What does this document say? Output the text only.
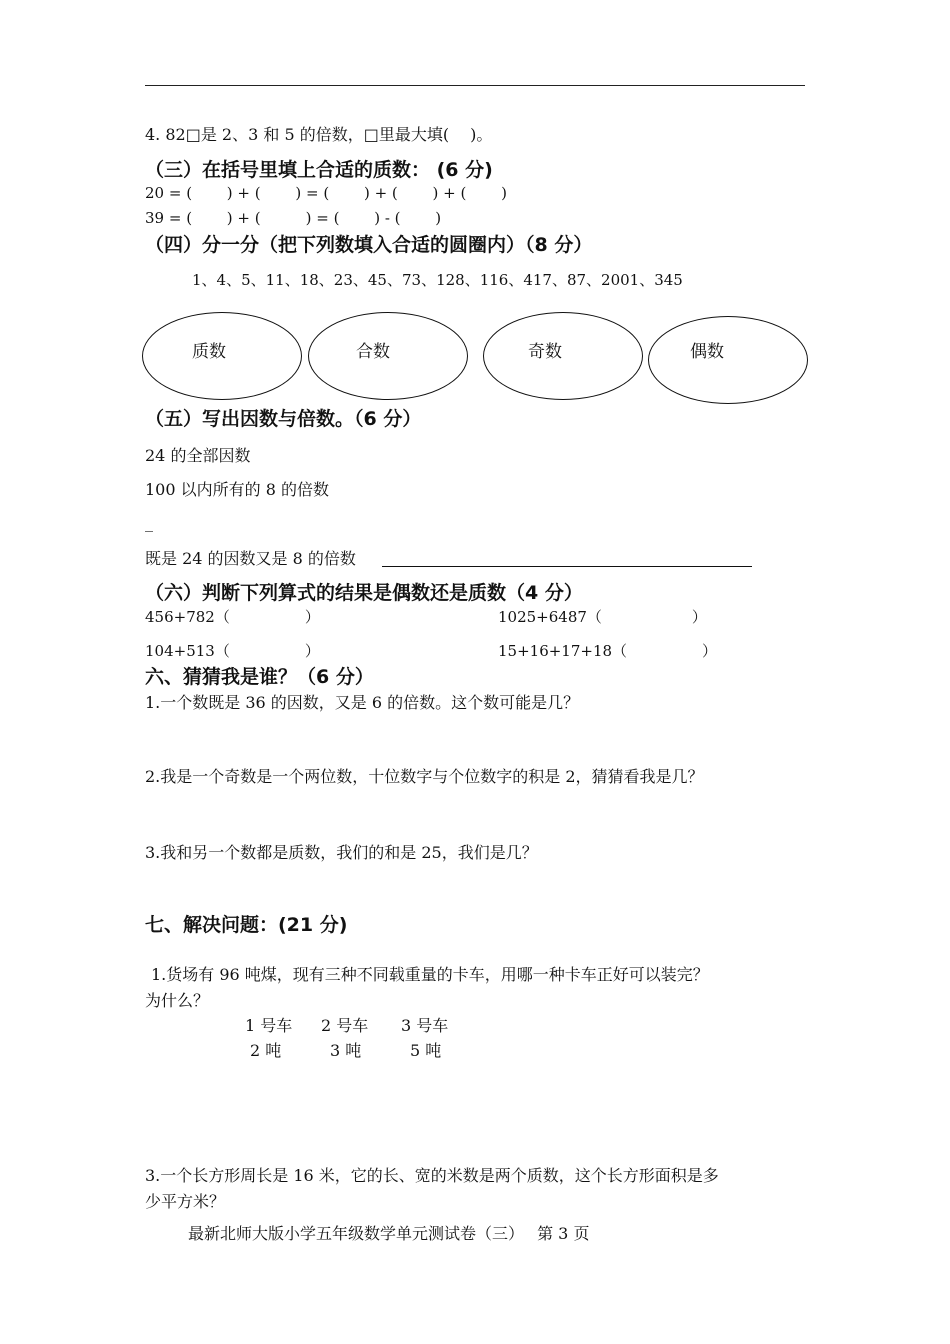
4. 82□是 2、3 和 5 的倍数，□里最大填(　 )。
（三）在括号里填上合适的质数： (6 分)
20 = (　　 ) + (　　 ) = (　　 ) + (　　 ) + (　　 )
39 = (　　 ) + (　　　) = (　　 ) - (　　 )
（四）分一分（把下列数填入合适的圆圈内）（8 分）
1、4、5、11、18、23、45、73、128、116、417、87、2001、345
质数	合数	奇数	偶数
（五）写出因数与倍数。（6 分）
24 的全部因数
100 以内所有的 8 的倍数
_
既是 24 的因数又是 8 的倍数
（六）判断下列算式的结果是偶数还是质数（4 分）
456+782（　　　　　）	1025+6487（　　　　　　）
104+513（　　　　　）	15+16+17+18（　　　　　）
六、猜猜我是谁？（6 分）
1.一个数既是 36 的因数，又是 6 的倍数。这个数可能是几？
2.我是一个奇数是一个两位数，十位数字与个位数字的积是 2，猜猜看我是几？
3.我和另一个数都是质数，我们的和是 25，我们是几？
七、解决问题：(21 分)
1.货场有 96 吨煤，现有三种不同载重量的卡车，用哪一种卡车正好可以装完？
为什么？
1 号车 2 号车 3 号车
2 吨	3 吨	5 吨
3.一个长方形周长是 16 米，它的长、宽的米数是两个质数，这个长方形面积是多
少平方米？
最新北师大版小学五年级数学单元测试卷（三）　 第 3 页
